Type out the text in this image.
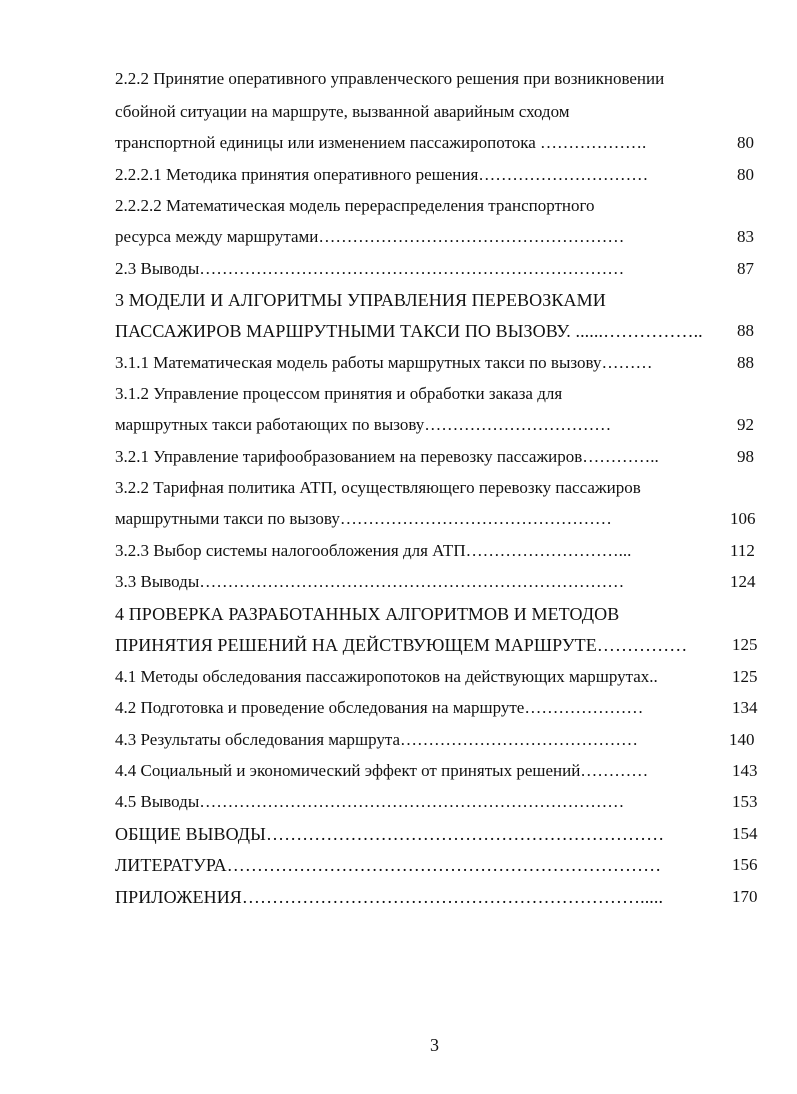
2.2.2 Принятие оперативного управленческого решения при возникновении
сбойной ситуации на маршруте, вызванной аварийным сходом
транспортной единицы или изменением пассажиропотока ……………….	80
2.2.2.1 Методика принятия оперативного решения…………………………	80
2.2.2.2 Математическая модель перераспределения транспортного
ресурса между маршрутами………………………………………………	83
2.3 Выводы…………………………………………………………………	87
3 МОДЕЛИ И АЛГОРИТМЫ УПРАВЛЕНИЯ ПЕРЕВОЗКАМИ
ПАССАЖИРОВ МАРШРУТНЫМИ ТАКСИ ПО ВЫЗОВУ. ......……………..	88
3.1.1 Математическая модель работы маршрутных такси по вызову………	88
3.1.2 Управление процессом принятия и обработки заказа для
маршрутных такси работающих по вызову……………………………	92
3.2.1 Управление тарифообразованием на перевозку пассажиров…………..	98
3.2.2 Тарифная политика АТП, осуществляющего перевозку пассажиров
маршрутными такси по вызову…………………………………………	106
3.2.3 Выбор системы налогообложения для АТП………………………...	112
3.3 Выводы…………………………………………………………………	124
4 ПРОВЕРКА РАЗРАБОТАННЫХ АЛГОРИТМОВ И МЕТОДОВ
ПРИНЯТИЯ РЕШЕНИЙ НА ДЕЙСТВУЮЩЕМ МАРШРУТЕ……………	125
4.1 Методы обследования пассажиропотоков на действующих маршрутах..	125
4.2 Подготовка и проведение обследования на маршруте…………………	134
4.3 Результаты обследования маршрута……………………………………	140
4.4 Социальный и экономический эффект от принятых решений…………	143
4.5 Выводы…………………………………………………………………	153
ОБЩИЕ ВЫВОДЫ…………………………………………………………	154
ЛИТЕРАТУРА………………………………………………………………	156
ПРИЛОЖЕНИЯ………………………………………………………….....	170
3
